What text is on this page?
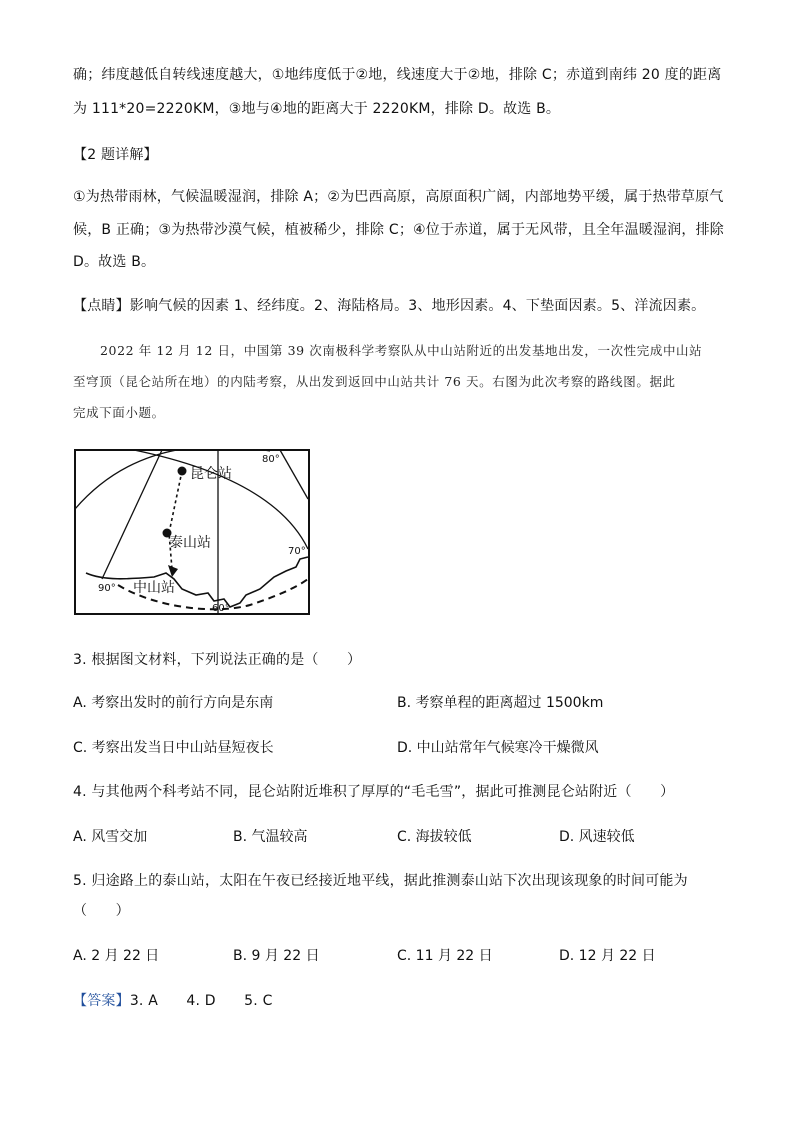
确；纬度越低自转线速度越大，①地纬度低于②地，线速度大于②地，排除 C；赤道到南纬 20 度的距离
为 111*20=2220KM，③地与④地的距离大于 2220KM，排除 D。故选 B。
【2 题详解】
①为热带雨林，气候温暖湿润，排除 A；②为巴西高原，高原面积广阔，内部地势平缓，属于热带草原气
候，B 正确；③为热带沙漠气候，植被稀少，排除 C；④位于赤道，属于无风带，且全年温暖湿润，排除
D。故选 B。
【点睛】影响气候的因素 1、经纬度。2、海陆格局。3、地形因素。4、下垫面因素。5、洋流因素。
2022 年 12 月 12 日，中国第 39 次南极科学考察队从中山站附近的出发基地出发，一次性完成中山站
至穹顶（昆仑站所在地）的内陆考察，从出发到返回中山站共计 76 天。右图为此次考察的路线图。据此
完成下面小题。
昆仑站
泰山站
中山站
80°
70°
90°
60°
3. 根据图文材料，下列说法正确的是（　　）
A. 考察出发时的前行方向是东南	B. 考察单程的距离超过 1500km
C. 考察出发当日中山站昼短夜长	D. 中山站常年气候寒冷干燥微风
4. 与其他两个科考站不同，昆仑站附近堆积了厚厚的“毛毛雪”，据此可推测昆仑站附近（　　）
A. 风雪交加	B. 气温较高	C. 海拔较低	D. 风速较低
5. 归途路上的泰山站，太阳在午夜已经接近地平线，据此推测泰山站下次出现该现象的时间可能为
（　　）
A. 2 月 22 日	B. 9 月 22 日	C. 11 月 22 日	D. 12 月 22 日
【答案】3. A　　4. D　　5. C
